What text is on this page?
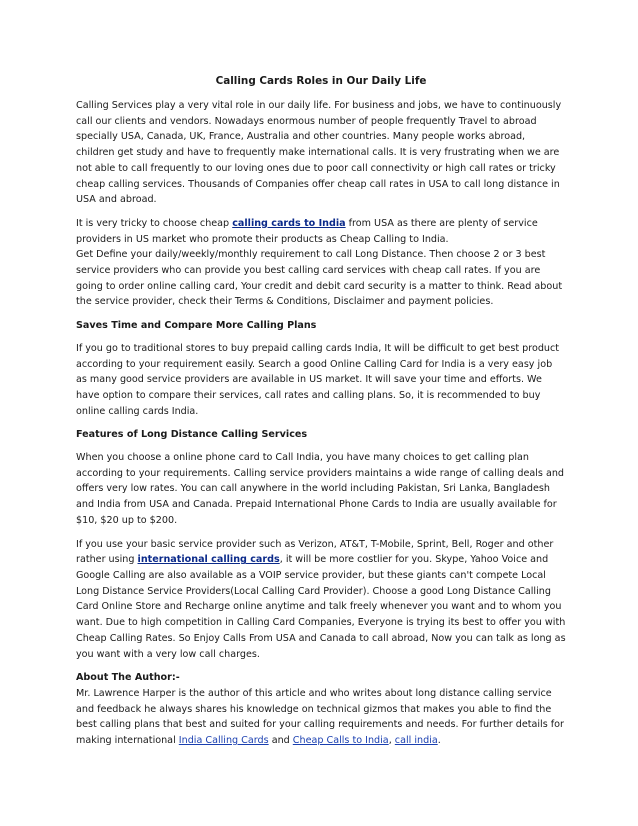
Calling Cards Roles in Our Daily Life

Calling Services play a very vital role in our daily life. For business and jobs, we have to continuously call our clients and vendors. Nowadays enormous number of people frequently Travel to abroad specially USA, Canada, UK, France, Australia and other countries. Many people works abroad, children get study and have to frequently make international calls. It is very frustrating when we are not able to call frequently to our loving ones due to poor call connectivity or high call rates or tricky cheap calling services. Thousands of Companies offer cheap call rates in USA to call long distance in USA and abroad.

It is very tricky to choose cheap calling cards to India from USA as there are plenty of service providers in US market who promote their products as Cheap Calling to India.

Get Define your daily/weekly/monthly requirement to call Long Distance. Then choose 2 or 3 best service providers who can provide you best calling card services with cheap call rates. If you are going to order online calling card, Your credit and debit card security is a matter to think. Read about the service provider, check their Terms & Conditions, Disclaimer and payment policies.

Saves Time and Compare More Calling Plans

If you go to traditional stores to buy prepaid calling cards India, It will be difficult to get best product according to your requirement easily. Search a good Online Calling Card for India is a very easy job as many good service providers are available in US market. It will save your time and efforts. We have option to compare their services, call rates and calling plans. So, it is recommended to buy online calling cards India.

Features of Long Distance Calling Services

When you choose a online phone card to Call India, you have many choices to get calling plan according to your requirements. Calling service providers maintains a wide range of calling deals and offers very low rates. You can call anywhere in the world including Pakistan, Sri Lanka, Bangladesh and India from USA and Canada. Prepaid International Phone Cards to India are usually available for $10, $20 up to $200.

If you use your basic service provider such as Verizon, AT&T, T-Mobile, Sprint, Bell, Roger and other rather using international calling cards, it will be more costlier for you. Skype, Yahoo Voice and Google Calling are also available as a VOIP service provider, but these giants can't compete Local Long Distance Service Providers(Local Calling Card Provider). Choose a good Long Distance Calling Card Online Store and Recharge online anytime and talk freely whenever you want and to whom you want. Due to high competition in Calling Card Companies, Everyone is trying its best to offer you with Cheap Calling Rates. So Enjoy Calls From USA and Canada to call abroad, Now you can talk as long as you want with a very low call charges.

About The Author:-

Mr. Lawrence Harper is the author of this article and who writes about long distance calling service and feedback he always shares his knowledge on technical gizmos that makes you able to find the best calling plans that best and suited for your calling requirements and needs. For further details for making international India Calling Cards and Cheap Calls to India, call india.
